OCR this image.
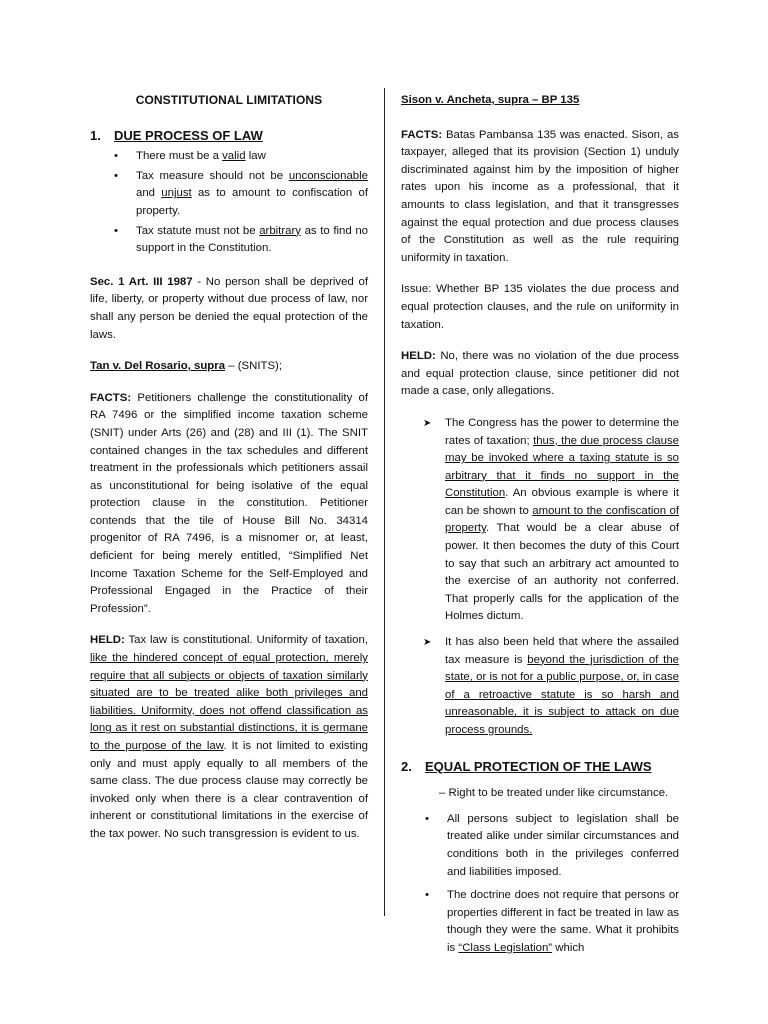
CONSTITUTIONAL LIMITATIONS

1. DUE PROCESS OF LAW

• There must be a valid law
• Tax measure should not be unconscionable and unjust as to amount to confiscation of property.
• Tax statute must not be arbitrary as to find no support in the Constitution.

Sec. 1 Art. III 1987 - No person shall be deprived of life, liberty, or property without due process of law, nor shall any person be denied the equal protection of the laws.

Tan v. Del Rosario, supra – (SNITS);

FACTS: Petitioners challenge the constitutionality of RA 7496 or the simplified income taxation scheme (SNIT) under Arts (26) and (28) and III (1). The SNIT contained changes in the tax schedules and different treatment in the professionals which petitioners assail as unconstitutional for being isolative of the equal protection clause in the constitution. Petitioner contends that the tile of House Bill No. 34314 progenitor of RA 7496, is a misnomer or, at least, deficient for being merely entitled, “Simplified Net Income Taxation Scheme for the Self-Employed and Professional Engaged in the Practice of their Profession”.

HELD: Tax law is constitutional. Uniformity of taxation, like the hindered concept of equal protection, merely require that all subjects or objects of taxation similarly situated are to be treated alike both privileges and liabilities. Uniformity, does not offend classification as long as it rest on substantial distinctions, it is germane to the purpose of the law. It is not limited to existing only and must apply equally to all members of the same class. The due process clause may correctly be invoked only when there is a clear contravention of inherent or constitutional limitations in the exercise of the tax power. No such transgression is evident to us.

Sison v. Ancheta, supra – BP 135

FACTS: Batas Pambansa 135 was enacted. Sison, as taxpayer, alleged that its provision (Section 1) unduly discriminated against him by the imposition of higher rates upon his income as a professional, that it amounts to class legislation, and that it transgresses against the equal protection and due process clauses of the Constitution as well as the rule requiring uniformity in taxation.

Issue: Whether BP 135 violates the due process and equal protection clauses, and the rule on uniformity in taxation.

HELD: No, there was no violation of the due process and equal protection clause, since petitioner did not made a case, only allegations.

➤ The Congress has the power to determine the rates of taxation; thus, the due process clause may be invoked where a taxing statute is so arbitrary that it finds no support in the Constitution. An obvious example is where it can be shown to amount to the confiscation of property. That would be a clear abuse of power. It then becomes the duty of this Court to say that such an arbitrary act amounted to the exercise of an authority not conferred. That properly calls for the application of the Holmes dictum.
➤ It has also been held that where the assailed tax measure is beyond the jurisdiction of the state, or is not for a public purpose, or, in case of a retroactive statute is so harsh and unreasonable, it is subject to attack on due process grounds.

2. EQUAL PROTECTION OF THE LAWS

– Right to be treated under like circumstance.

• All persons subject to legislation shall be treated alike under similar circumstances and conditions both in the privileges conferred and liabilities imposed.
• The doctrine does not require that persons or properties different in fact be treated in law as though they were the same. What it prohibits is “Class Legislation” which
